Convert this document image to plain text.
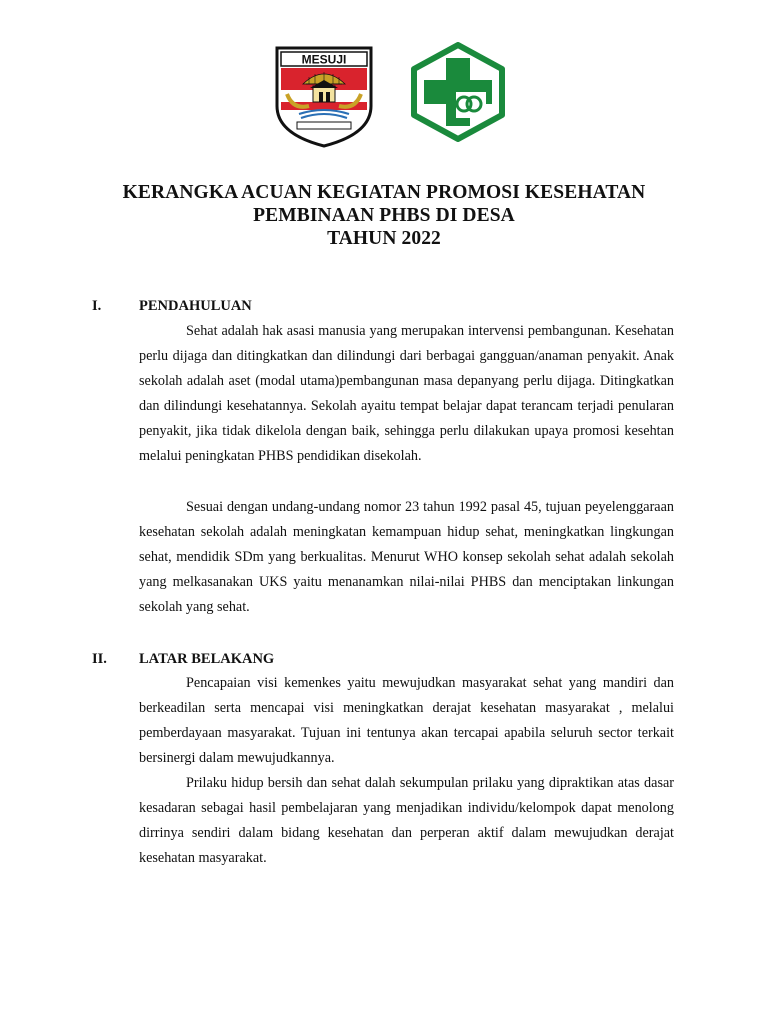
MESUJI
KERANGKA ACUAN KEGIATAN PROMOSI KESEHATAN
PEMBINAAN PHBS DI DESA
TAHUN 2022
I.	PENDAHULUAN

Sehat adalah hak asasi manusia yang merupakan intervensi pembangunan. Kesehatan perlu dijaga dan ditingkatkan dan dilindungi dari berbagai gangguan/anaman penyakit. Anak sekolah adalah aset (modal utama)pembangunan masa depanyang perlu dijaga. Ditingkatkan dan dilindungi kesehatannya. Sekolah ayaitu tempat belajar dapat terancam terjadi penularan penyakit, jika tidak dikelola dengan baik, sehingga perlu dilakukan upaya promosi kesehtan melalui peningkatan PHBS pendidikan disekolah.

Sesuai dengan undang-undang nomor 23 tahun 1992 pasal 45, tujuan peyelenggaraan kesehatan sekolah adalah meningkatan kemampuan hidup sehat, meningkatkan lingkungan sehat, mendidik SDm yang berkualitas. Menurut WHO konsep sekolah sehat adalah sekolah yang melkasanakan UKS yaitu menanamkan nilai-nilai PHBS dan menciptakan linkungan sekolah yang sehat.

II. LATAR BELAKANG

Pencapaian visi kemenkes yaitu mewujudkan masyarakat sehat yang mandiri dan berkeadilan serta mencapai visi meningkatkan derajat kesehatan masyarakat , melalui pemberdayaan masyarakat. Tujuan ini tentunya akan tercapai apabila seluruh sector terkait bersinergi dalam mewujudkannya.

Prilaku hidup bersih dan sehat dalah sekumpulan prilaku yang dipraktikan atas dasar kesadaran sebagai hasil pembelajaran yang menjadikan individu/kelompok dapat menolong dirrinya sendiri dalam bidang kesehatan dan perperan aktif dalam mewujudkan derajat kesehatan masyarakat.
